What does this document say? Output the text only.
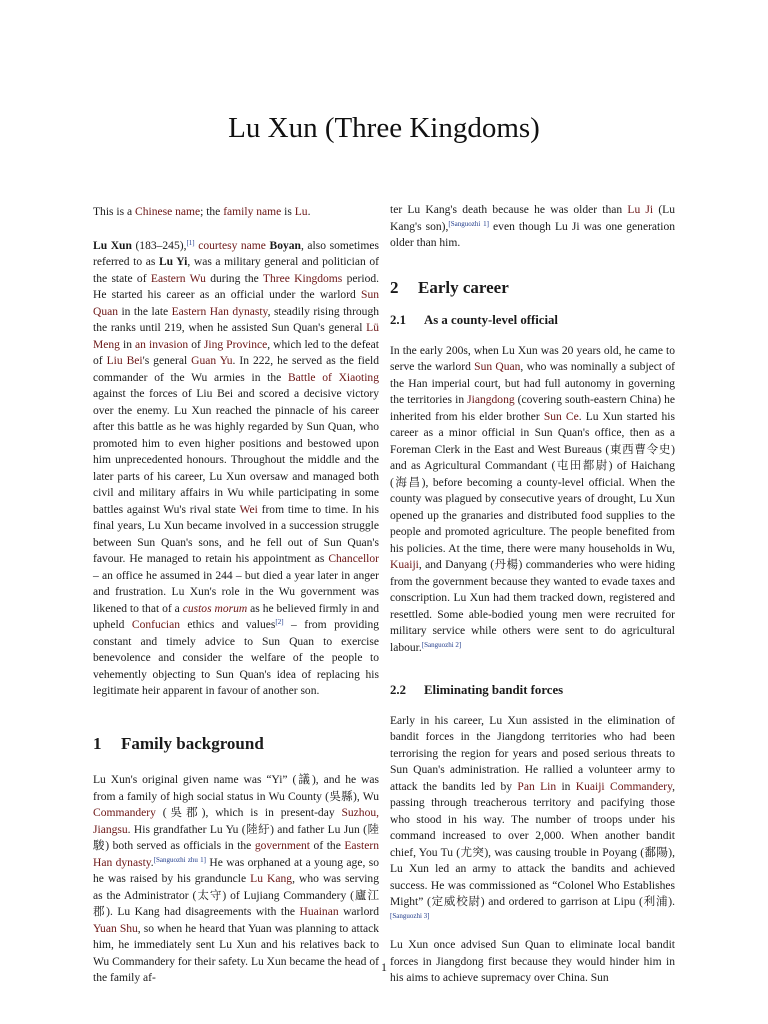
Lu Xun (Three Kingdoms)

This is a Chinese name; the family name is Lu.

Lu Xun (183–245),[1] courtesy name Boyan, also sometimes referred to as Lu Yi, was a military general and politician of the state of Eastern Wu during the Three Kingdoms period. He started his career as an official under the warlord Sun Quan in the late Eastern Han dynasty, steadily rising through the ranks until 219, when he assisted Sun Quan's general Lü Meng in an invasion of Jing Province, which led to the defeat of Liu Bei's general Guan Yu. In 222, he served as the field commander of the Wu armies in the Battle of Xiaoting against the forces of Liu Bei and scored a decisive victory over the enemy. Lu Xun reached the pinnacle of his career after this battle as he was highly regarded by Sun Quan, who promoted him to even higher positions and bestowed upon him unprecedented honours. Throughout the middle and the later parts of his career, Lu Xun oversaw and managed both civil and military affairs in Wu while participating in some battles against Wu's rival state Wei from time to time. In his final years, Lu Xun became involved in a succession struggle between Sun Quan's sons, and he fell out of Sun Quan's favour. He managed to retain his appointment as Chancellor – an office he assumed in 244 – but died a year later in anger and frustration. Lu Xun's role in the Wu government was likened to that of a custos morum as he believed firmly in and upheld Confucian ethics and values[2] – from providing constant and timely advice to Sun Quan to exercise benevolence and consider the welfare of the people to vehemently objecting to Sun Quan's idea of replacing his legitimate heir apparent in favour of another son.

1 Family background

Lu Xun's original given name was “Yi” (議), and he was from a family of high social status in Wu County (吳縣), Wu Commandery (吳郡), which is in present-day Suzhou, Jiangsu. His grandfather Lu Yu (陸紆) and father Lu Jun (陸駿) both served as officials in the government of the Eastern Han dynasty.[Sanguozhi zhu 1] He was orphaned at a young age, so he was raised by his granduncle Lu Kang, who was serving as the Administrator (太守) of Lujiang Commandery (廬江郡). Lu Kang had disagreements with the Huainan warlord Yuan Shu, so when he heard that Yuan was planning to attack him, he immediately sent Lu Xun and his relatives back to Wu Commandery for their safety. Lu Xun became the head of the family af-

ter Lu Kang's death because he was older than Lu Ji (Lu Kang's son),[Sanguozhi 1] even though Lu Ji was one generation older than him.

2 Early career
2.1 As a county-level official

In the early 200s, when Lu Xun was 20 years old, he came to serve the warlord Sun Quan, who was nominally a subject of the Han imperial court, but had full autonomy in governing the territories in Jiangdong (covering south-eastern China) he inherited from his elder brother Sun Ce. Lu Xun started his career as a minor official in Sun Quan's office, then as a Foreman Clerk in the East and West Bureaus (東西曹令史) and as Agricultural Commandant (屯田都尉) of Haichang (海昌), before becoming a county-level official. When the county was plagued by consecutive years of drought, Lu Xun opened up the granaries and distributed food supplies to the people and promoted agriculture. The people benefited from his policies. At the time, there were many households in Wu, Kuaiji, and Danyang (丹楊) commanderies who were hiding from the government because they wanted to evade taxes and conscription. Lu Xun had them tracked down, registered and resettled. Some able-bodied young men were recruited for military service while others were sent to do agricultural labour.[Sanguozhi 2]

2.2 Eliminating bandit forces

Early in his career, Lu Xun assisted in the elimination of bandit forces in the Jiangdong territories who had been terrorising the region for years and posed serious threats to Sun Quan's administration. He rallied a volunteer army to attack the bandits led by Pan Lin in Kuaiji Commandery, passing through treacherous territory and pacifying those who stood in his way. The number of troops under his command increased to over 2,000. When another bandit chief, You Tu (尤突), was causing trouble in Poyang (鄱陽), Lu Xun led an army to attack the bandits and achieved success. He was commissioned as “Colonel Who Establishes Might” (定威校尉) and ordered to garrison at Lipu (利浦).[Sanguozhi 3]

Lu Xun once advised Sun Quan to eliminate local bandit forces in Jiangdong first because they would hinder him in his aims to achieve supremacy over China. Sun

1
